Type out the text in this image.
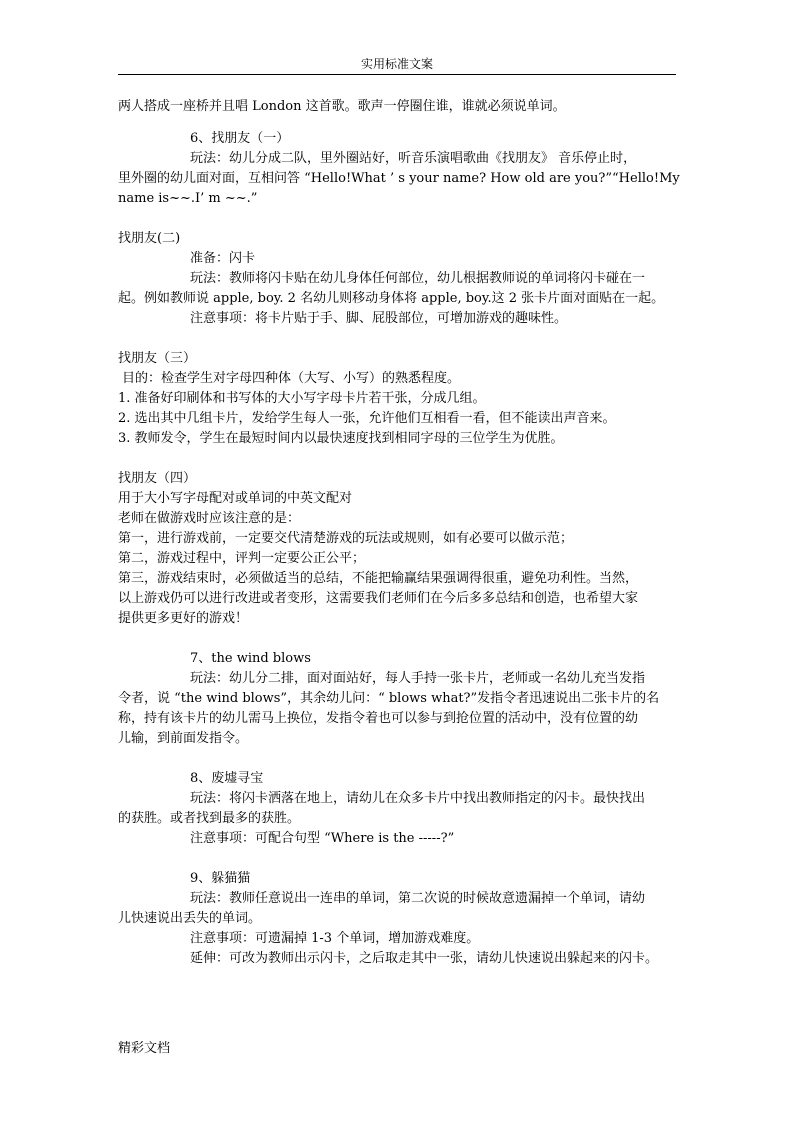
实用标准文案

两人搭成一座桥并且唱 London 这首歌。歌声一停圈住谁，谁就必须说单词。

6、找朋友（一）

玩法：幼儿分成二队，里外圈站好，听音乐演唱歌曲《找朋友》 音乐停止时，

里外圈的幼儿面对面，互相问答 “Hello!What ’ s your name? How old are you?”“Hello!My

name is~~.I’ m ~~.”

找朋友(二)

准备：闪卡

玩法：教师将闪卡贴在幼儿身体任何部位，幼儿根据教师说的单词将闪卡碰在一

起。例如教师说 apple, boy. 2 名幼儿则移动身体将 apple, boy.这 2 张卡片面对面贴在一起。

注意事项：将卡片贴于手、脚、屁股部位，可增加游戏的趣味性。

找朋友（三）

目的：检查学生对字母四种体（大写、小写）的熟悉程度。

1. 准备好印刷体和书写体的大小写字母卡片若干张，分成几组。

2. 选出其中几组卡片，发给学生每人一张，允许他们互相看一看，但不能读出声音来。

3. 教师发令，学生在最短时间内以最快速度找到相同字母的三位学生为优胜。

找朋友（四）

用于大小写字母配对或单词的中英文配对

老师在做游戏时应该注意的是：

第一，进行游戏前，一定要交代清楚游戏的玩法或规则，如有必要可以做示范；

第二，游戏过程中，评判一定要公正公平；

第三，游戏结束时，必须做适当的总结，不能把输赢结果强调得很重，避免功利性。当然，

以上游戏仍可以进行改进或者变形，这需要我们老师们在今后多多总结和创造，也希望大家

提供更多更好的游戏！

7、the wind blows

玩法：幼儿分二排，面对面站好，每人手持一张卡片，老师或一名幼儿充当发指

令者，说 “the wind blows”，其余幼儿问：“ blows what?”发指令者迅速说出二张卡片的名

称，持有该卡片的幼儿需马上换位，发指令着也可以参与到抢位置的活动中，没有位置的幼

儿输，到前面发指令。

8、废墟寻宝

玩法：将闪卡洒落在地上，请幼儿在众多卡片中找出教师指定的闪卡。最快找出

的获胜。或者找到最多的获胜。

注意事项：可配合句型 “Where is the -----?”

9、躲猫猫

玩法：教师任意说出一连串的单词，第二次说的时候故意遗漏掉一个单词，请幼

儿快速说出丢失的单词。

注意事项：可遗漏掉 1-3 个单词，增加游戏难度。

延伸：可改为教师出示闪卡，之后取走其中一张，请幼儿快速说出躲起来的闪卡。

精彩文档
